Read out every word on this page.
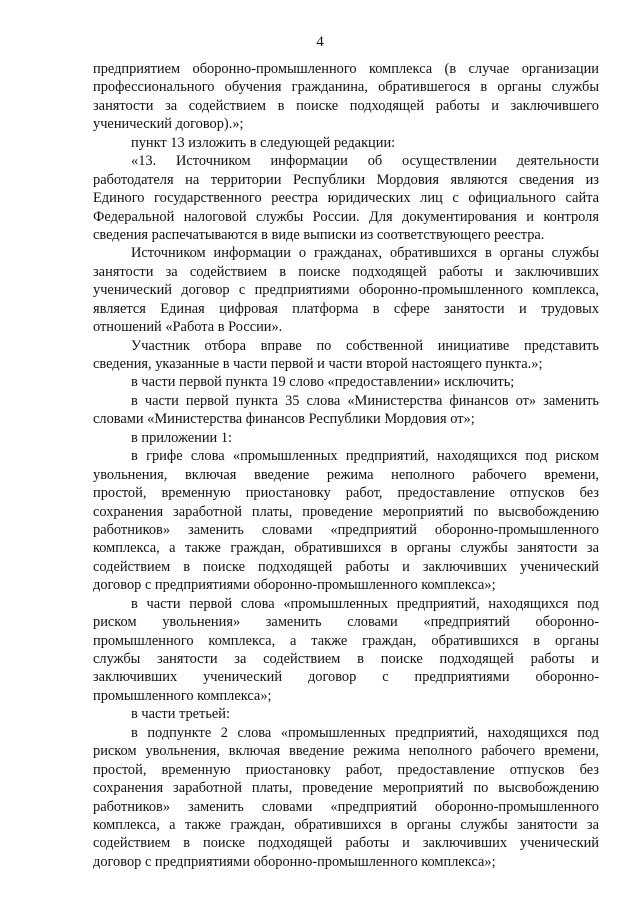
4
предприятием оборонно-промышленного комплекса (в случае организации
профессионального обучения гражданина, обратившегося в органы службы
занятости за содействием в поиске подходящей работы и заключившего
ученический договор).»;
пункт 13 изложить в следующей редакции:
«13. Источником информации об осуществлении деятельности
работодателя на территории Республики Мордовия являются сведения из
Единого государственного реестра юридических лиц с официального сайта
Федеральной налоговой службы России. Для документирования и контроля
сведения распечатываются в виде выписки из соответствующего реестра.
Источником информации о гражданах, обратившихся в органы службы
занятости за содействием в поиске подходящей работы и заключивших
ученический договор с предприятиями оборонно-промышленного комплекса,
является Единая цифровая платформа в сфере занятости и трудовых
отношений «Работа в России».
Участник отбора вправе по собственной инициативе представить
сведения, указанные в части первой и части второй настоящего пункта.»;
в части первой пункта 19 слово «предоставлении» исключить;
в части первой пункта 35 слова «Министерства финансов от» заменить
словами «Министерства финансов Республики Мордовия от»;
в приложении 1:
в грифе слова «промышленных предприятий, находящихся под риском
увольнения, включая введение режима неполного рабочего времени,
простой, временную приостановку работ, предоставление отпусков без
сохранения заработной платы, проведение мероприятий по высвобождению
работников» заменить словами «предприятий оборонно-промышленного
комплекса, а также граждан, обратившихся в органы службы занятости за
содействием в поиске подходящей работы и заключивших ученический
договор с предприятиями оборонно-промышленного комплекса»;
в части первой слова «промышленных предприятий, находящихся под
риском увольнения» заменить словами «предприятий оборонно-
промышленного комплекса, а также граждан, обратившихся в органы
службы занятости за содействием в поиске подходящей работы и
заключивших ученический договор с предприятиями оборонно-
промышленного комплекса»;
в части третьей:
в подпункте 2 слова «промышленных предприятий, находящихся под
риском увольнения, включая введение режима неполного рабочего времени,
простой, временную приостановку работ, предоставление отпусков без
сохранения заработной платы, проведение мероприятий по высвобождению
работников» заменить словами «предприятий оборонно-промышленного
комплекса, а также граждан, обратившихся в органы службы занятости за
содействием в поиске подходящей работы и заключивших ученический
договор с предприятиями оборонно-промышленного комплекса»;
